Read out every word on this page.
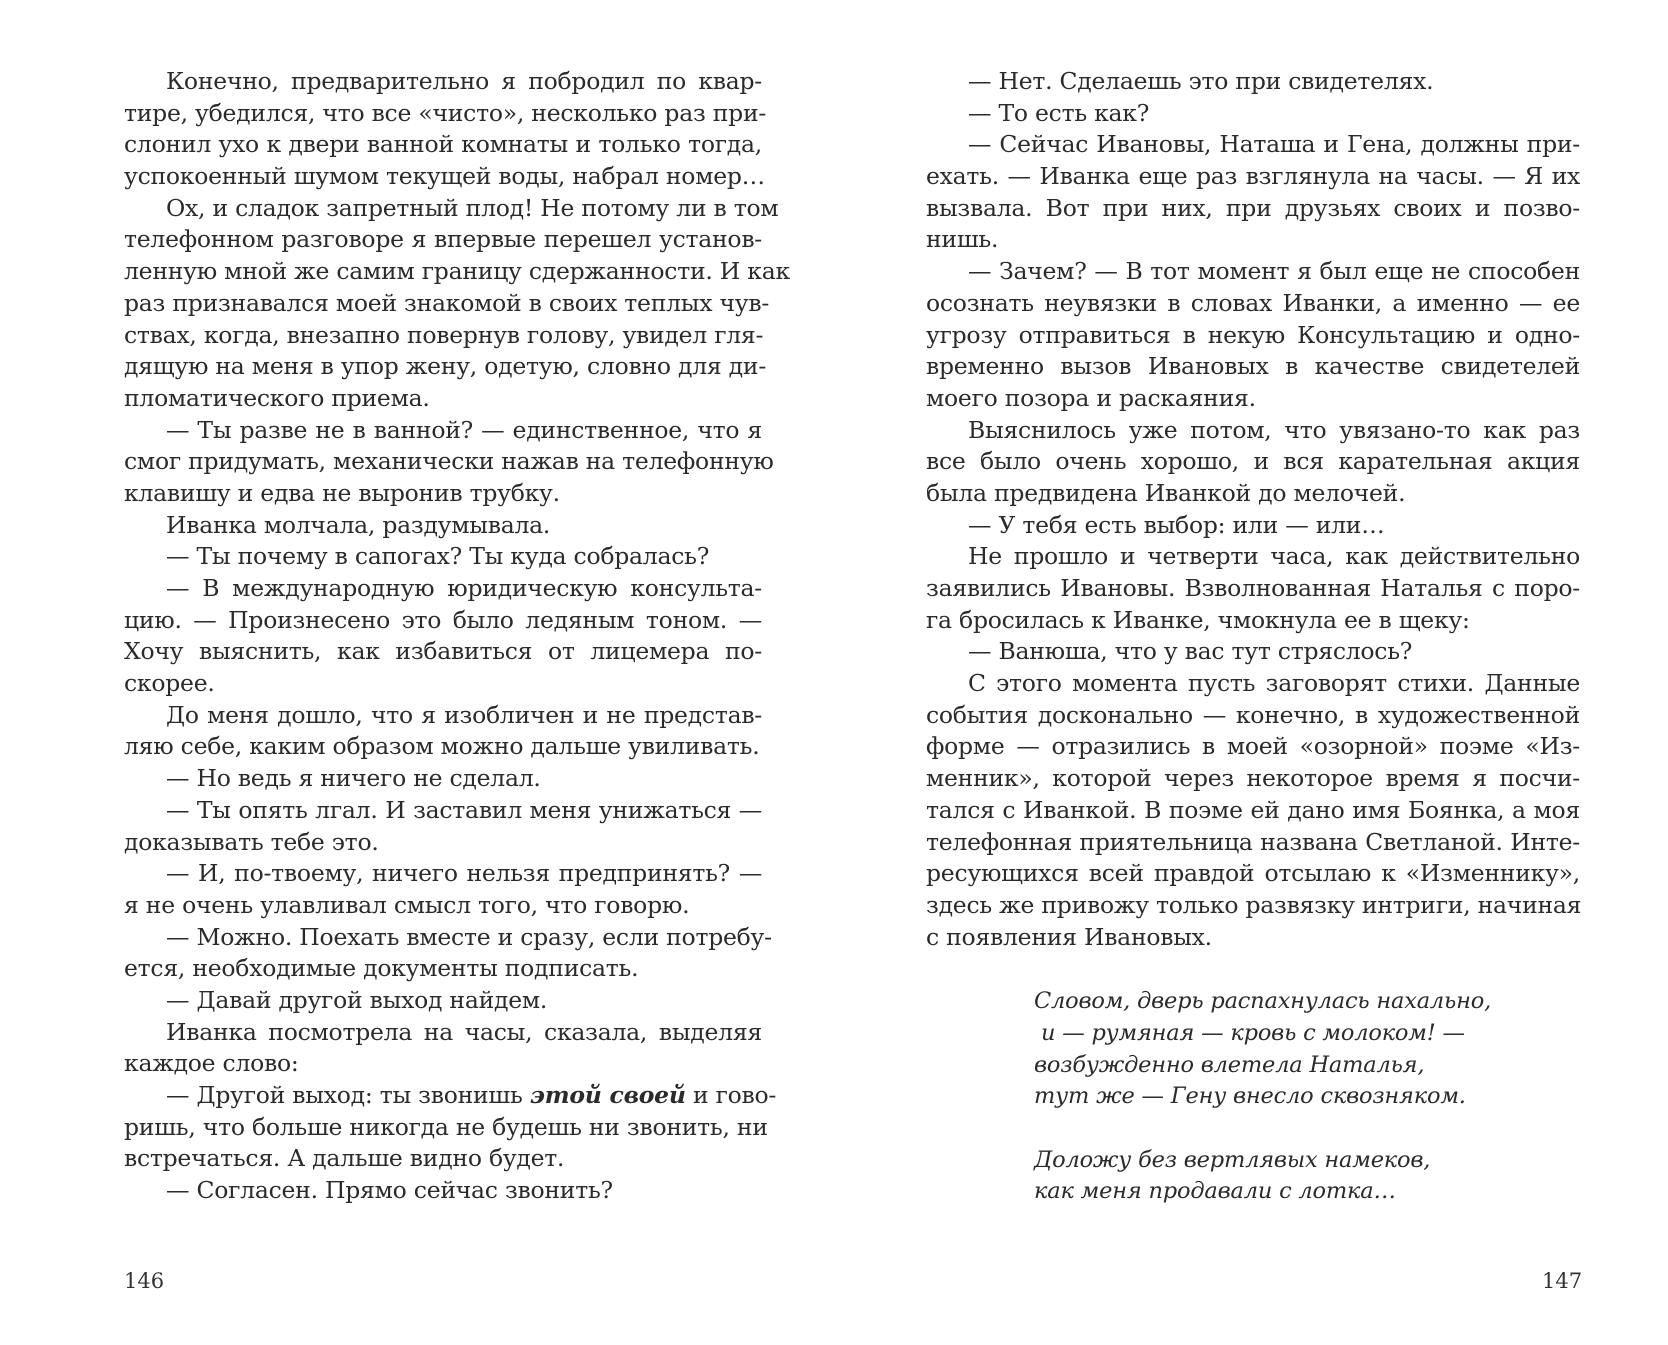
Конечно, предварительно я побродил по квар-
тире, убедился, что все «чисто», несколько раз при-
слонил ухо к двери ванной комнаты и только тогда,
успокоенный шумом текущей воды, набрал номер…
Ох, и сладок запретный плод! Не потому ли в том
телефонном разговоре я впервые перешел установ-
ленную мной же самим границу сдержанности. И как
раз признавался моей знакомой в своих теплых чув-
ствах, когда, внезапно повернув голову, увидел гля-
дящую на меня в упор жену, одетую, словно для ди-
пломатического приема.
— Ты разве не в ванной? — единственное, что я
смог придумать, механически нажав на телефонную
клавишу и едва не выронив трубку.
Иванка молчала, раздумывала.
— Ты почему в сапогах? Ты куда собралась?
— В международную юридическую консульта-
цию. — Произнесено это было ледяным тоном. —
Хочу выяснить, как избавиться от лицемера по-
скорее.
До меня дошло, что я изобличен и не представ-
ляю себе, каким образом можно дальше увиливать.
— Но ведь я ничего не сделал.
— Ты опять лгал. И заставил меня унижаться —
доказывать тебе это.
— И, по-твоему, ничего нельзя предпринять? —
я не очень улавливал смысл того, что говорю.
— Можно. Поехать вместе и сразу, если потребу-
ется, необходимые документы подписать.
— Давай другой выход найдем.
Иванка посмотрела на часы, сказала, выделяя
каждое слово:
— Другой выход: ты звонишь этой своей и гово-
ришь, что больше никогда не будешь ни звонить, ни
встречаться. А дальше видно будет.
— Согласен. Прямо сейчас звонить?
— Нет. Сделаешь это при свидетелях.
— То есть как?
— Сейчас Ивановы, Наташа и Гена, должны при-
ехать. — Иванка еще раз взглянула на часы. — Я их
вызвала. Вот при них, при друзьях своих и позво-
нишь.
— Зачем? — В тот момент я был еще не способен
осознать неувязки в словах Иванки, а именно — ее
угрозу отправиться в некую Консультацию и одно-
временно вызов Ивановых в качестве свидетелей
моего позора и раскаяния.
Выяснилось уже потом, что увязано-то как раз
все было очень хорошо, и вся карательная акция
была предвидена Иванкой до мелочей.
— У тебя есть выбор: или — или…
Не прошло и четверти часа, как действительно
заявились Ивановы. Взволнованная Наталья с поро-
га бросилась к Иванке, чмокнула ее в щеку:
— Ванюша, что у вас тут стряслось?
С этого момента пусть заговорят стихи. Данные
события досконально — конечно, в художественной
форме — отразились в моей «озорной» поэме «Из-
менник», которой через некоторое время я посчи-
тался с Иванкой. В поэме ей дано имя Боянка, а моя
телефонная приятельница названа Светланой. Инте-
ресующихся всей правдой отсылаю к «Изменнику»,
здесь же привожу только развязку интриги, начиная
с появления Ивановых.
Словом, дверь распахнулась нахально,
и — румяная — кровь с молоком! —
возбужденно влетела Наталья,
тут же — Гену внесло сквозняком.
Доложу без вертлявых намеков,
как меня продавали с лотка…
146	147
